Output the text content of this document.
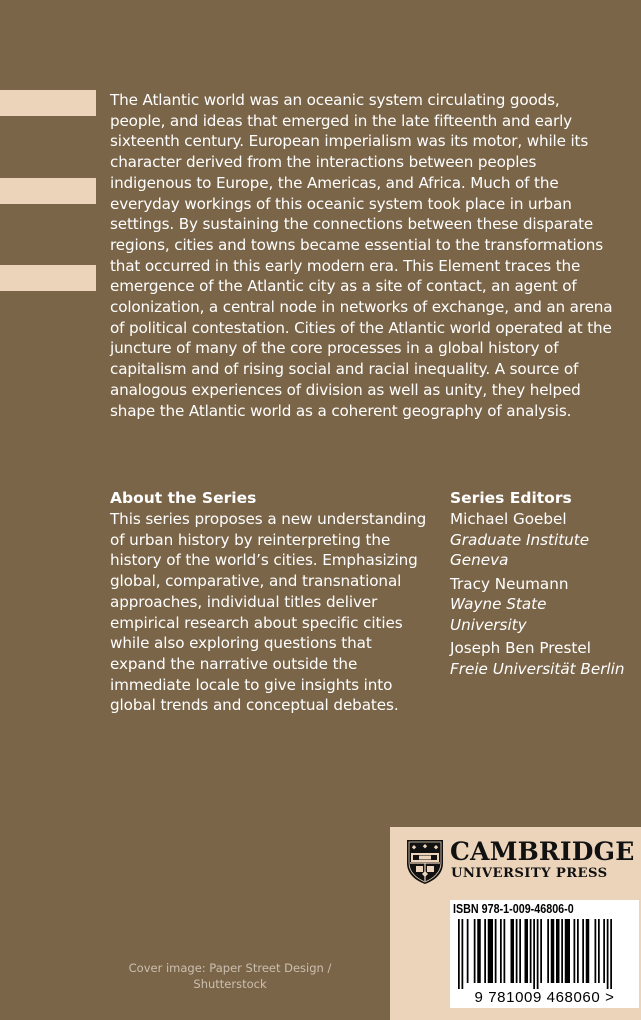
The Atlantic world was an oceanic system circulating goods, people, and ideas that emerged in the late fifteenth and early sixteenth century. European imperialism was its motor, while its character derived from the interactions between peoples indigenous to Europe, the Americas, and Africa. Much of the everyday workings of this oceanic system took place in urban settings. By sustaining the connections between these disparate regions, cities and towns became essential to the transformations that occurred in this early modern era. This Element traces the emergence of the Atlantic city as a site of contact, an agent of colonization, a central node in networks of exchange, and an arena of political contestation. Cities of the Atlantic world operated at the juncture of many of the core processes in a global history of capitalism and of rising social and racial inequality. A source of analogous experiences of division as well as unity, they helped shape the Atlantic world as a coherent geography of analysis.

About the Series

This series proposes a new understanding of urban history by reinterpreting the history of the world’s cities. Emphasizing global, comparative, and transnational approaches, individual titles deliver empirical research about specific cities while also exploring questions that expand the narrative outside the immediate locale to give insights into global trends and conceptual debates.

Series Editors
Michael Goebel
Graduate Institute Geneva
Tracy Neumann
Wayne State University
Joseph Ben Prestel
Freie Universität Berlin
Cover image: Paper Street Design /
Shutterstock
CAMBRIDGE
UNIVERSITY PRESS
ISBN 978-1-009-46806-0
9 781009 468060 >
